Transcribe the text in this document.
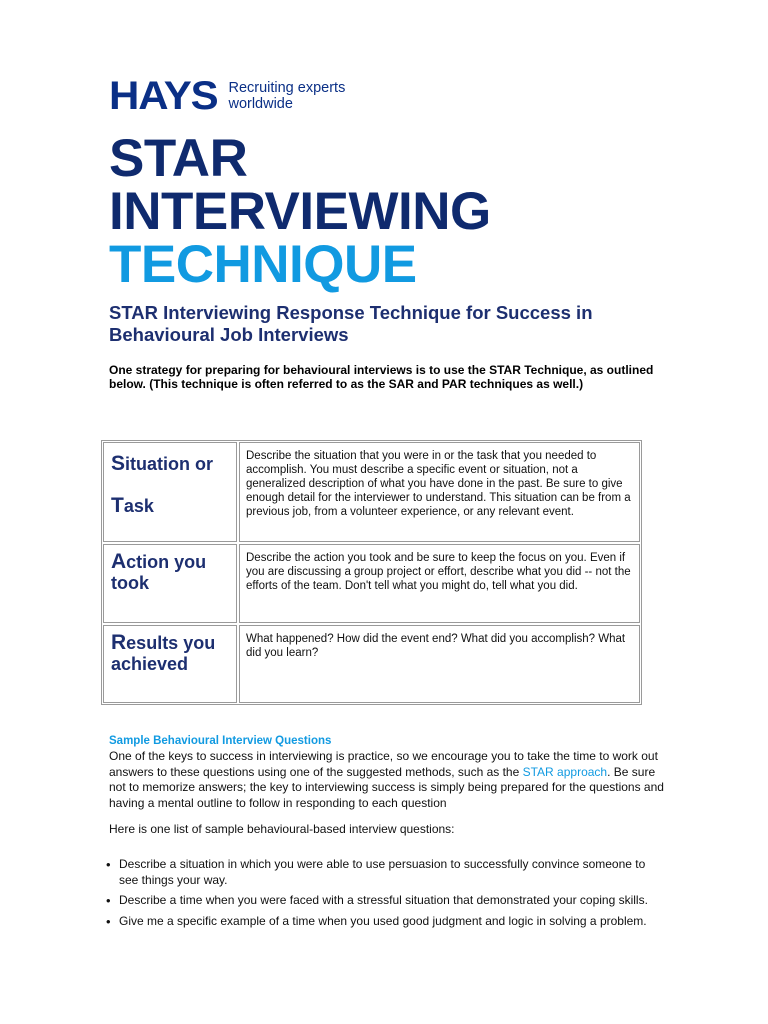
HAYS Recruiting experts
worldwide
STAR
INTERVIEWING
TECHNIQUE
STAR Interviewing Response Technique for Success in Behavioural Job Interviews

One strategy for preparing for behavioural interviews is to use the STAR Technique, as outlined below. (This technique is often referred to as the SAR and PAR techniques as well.)

Situation or
Task
Describe the situation that you were in or the task that you needed to accomplish. You must describe a specific event or situation, not a generalized description of what you have done in the past. Be sure to give enough detail for the interviewer to understand. This situation can be from a previous job, from a volunteer experience, or any relevant event.
Action you
took
Describe the action you took and be sure to keep the focus on you. Even if you are discussing a group project or effort, describe what you did -- not the efforts of the team. Don't tell what you might do, tell what you did.
Results you
achieved
What happened? How did the event end? What did you accomplish? What did you learn?
Sample Behavioural Interview Questions

One of the keys to success in interviewing is practice, so we encourage you to take the time to work out answers to these questions using one of the suggested methods, such as the STAR approach. Be sure not to memorize answers; the key to interviewing success is simply being prepared for the questions and having a mental outline to follow in responding to each question

Here is one list of sample behavioural-based interview questions:

• Describe a situation in which you were able to use persuasion to successfully convince someone to see things your way.
• Describe a time when you were faced with a stressful situation that demonstrated your coping skills.
• Give me a specific example of a time when you used good judgment and logic in solving a problem.
